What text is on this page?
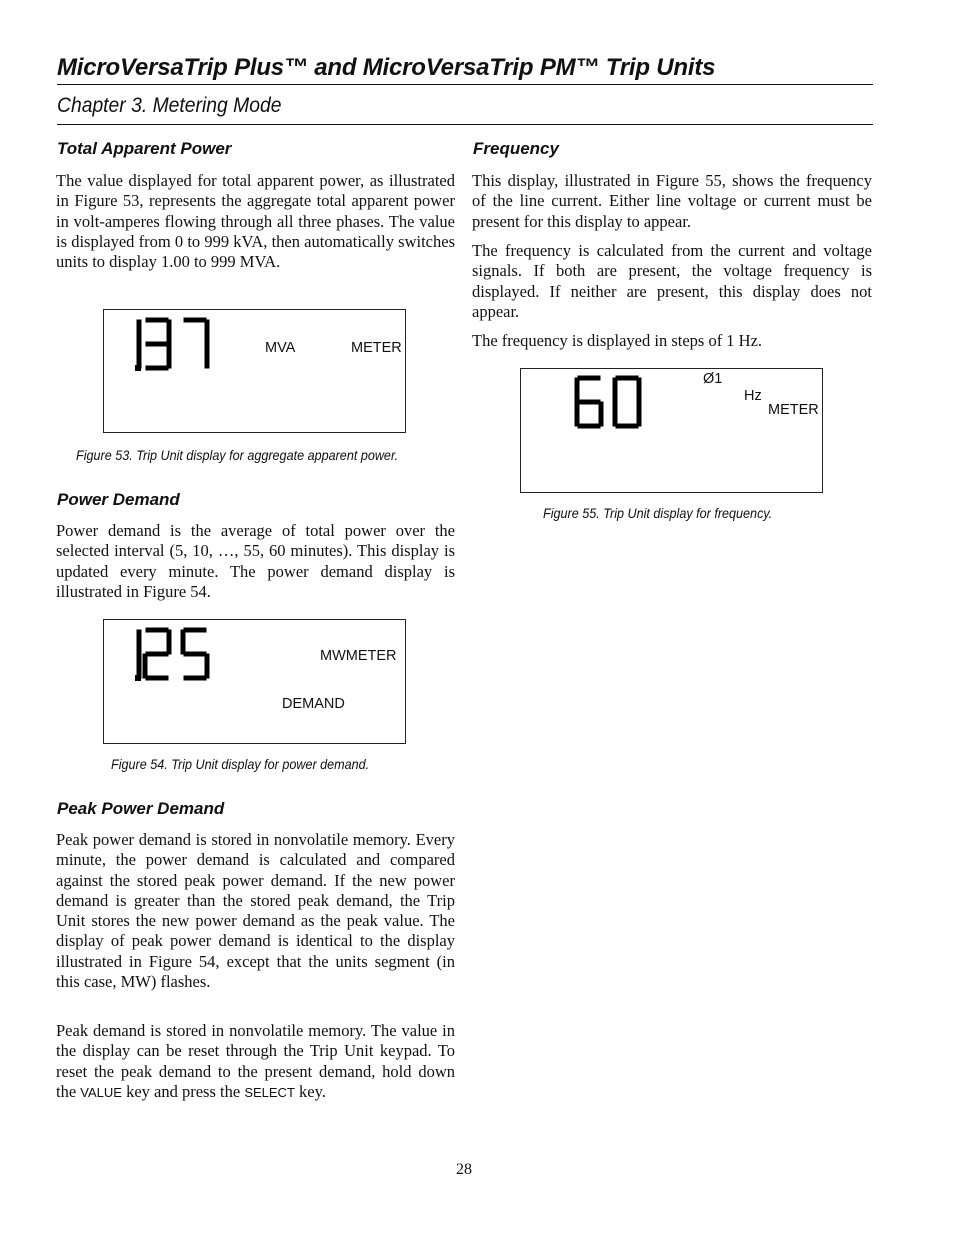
MicroVersaTrip Plus™ and MicroVersaTrip PM™ Trip Units
Chapter 3. Metering Mode
Total Apparent Power

The value displayed for total apparent power, as illustrated in Figure 53, represents the aggregate total apparent power in volt-amperes flowing through all three phases. The value is displayed from 0 to 999 kVA, then automatically switches units to display 1.00 to 999 MVA.

MVA	METER
Figure 53. Trip Unit display for aggregate apparent power.
Power Demand

Power demand is the average of total power over the selected interval (5, 10, …, 55, 60 minutes). This display is updated every minute. The power demand display is illustrated in Figure 54.

MWMETER
DEMAND
Figure 54. Trip Unit display for power demand.
Peak Power Demand

Peak power demand is stored in nonvolatile memory. Every minute, the power demand is calculated and compared against the stored peak power demand. If the new power demand is greater than the stored peak demand, the Trip Unit stores the new power demand as the peak value. The display of peak power demand is identical to the display illustrated in Figure 54, except that the units segment (in this case, MW) flashes.

Peak demand is stored in nonvolatile memory. The value in the display can be reset through the Trip Unit keypad. To reset the peak demand to the present demand, hold down the VALUE key and press the SELECT key.

Frequency

This display, illustrated in Figure 55, shows the frequency of the line current. Either line voltage or current must be present for this display to appear.

The frequency is calculated from the current and voltage signals. If both are present, the voltage frequency is displayed. If neither are present, this display does not appear.

The frequency is displayed in steps of 1 Hz.

Ø1
Hz
METER
Figure 55. Trip Unit display for frequency.
28
